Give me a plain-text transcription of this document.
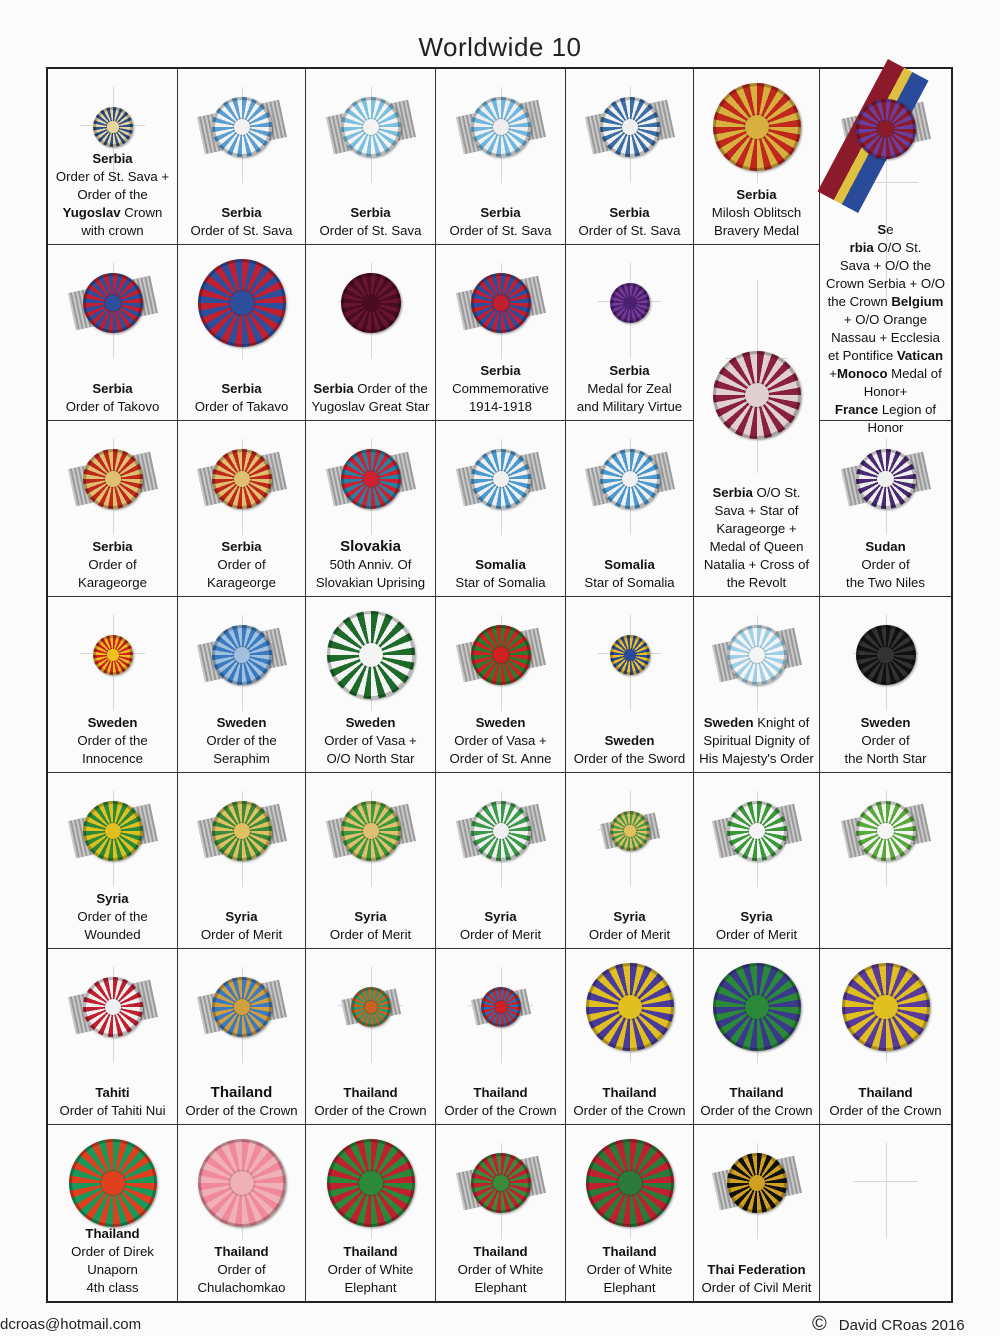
Worldwide 10
Serbia
Order of St. Sava +
Order of the
Yugoslav Crown
with crown
Serbia
Order of St. Sava
Serbia
Order of St. Sava
Serbia
Order of St. Sava
Serbia
Order of St. Sava
Serbia
Milosh Oblitsch
Bravery Medal	Se
rbia O/O St.
Sava + O/O the
Crown Serbia + O/O
the Crown Belgium
+ O/O Orange
Nassau + Ecclesia
et Pontifice Vatican
+Monoco Medal of
Honor+
France Legion of
Honor
Serbia
Order of Takovo
Serbia
Order of Takavo
Serbia Order of the
Yugoslav Great Star
Serbia
Commemorative
1914-1918
Serbia
Medal for Zeal
and Military Virtue
Serbia O/O St.
Sava + Star of
Karageorge +
Medal of Queen
Natalia + Cross of
the Revolt
Serbia
Order of
Karageorge
Serbia
Order of
Karageorge
Slovakia
50th Anniv. Of
Slovakian Uprising
Somalia
Star of Somalia
Somalia
Star of Somalia
Sudan
Order of
the Two Niles
Sweden
Order of the
Innocence
Sweden
Order of the
Seraphim
Sweden
Order of Vasa +
O/O North Star
Sweden
Order of Vasa +
Order of St. Anne
Sweden
Order of the Sword
Sweden Knight of
Spiritual Dignity of
His Majesty's Order
Sweden
Order of
the North Star
Syria
Order of the
Wounded
Syria
Order of Merit
Syria
Order of Merit
Syria
Order of Merit
Syria
Order of Merit
Syria
Order of Merit
Tahiti
Order of Tahiti Nui
Thailand
Order of the Crown
Thailand
Order of the Crown
Thailand
Order of the Crown
Thailand
Order of the Crown
Thailand
Order of the Crown
Thailand
Order of the Crown
Thailand
Order of Direk
Unaporn
4th class
Thailand
Order of
Chulachomkao
Thailand
Order of White
Elephant
Thailand
Order of White
Elephant
Thailand
Order of White
Elephant
Thai Federation
Order of Civil Merit
dcroas@hotmail.com	© David CRoas 2016
